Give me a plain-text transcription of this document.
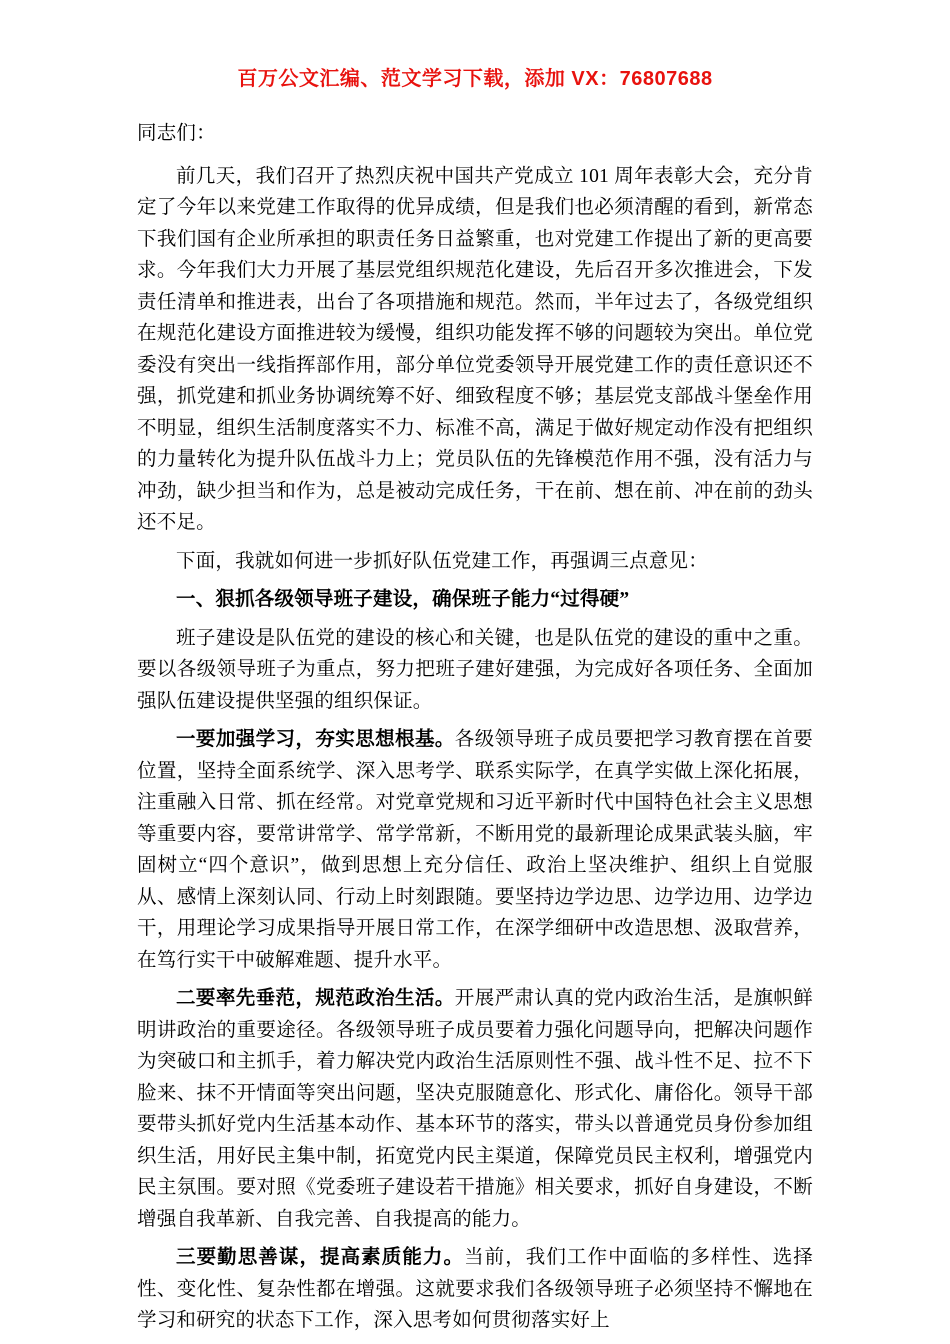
百万公文汇编、范文学习下载，添加 VX：76807688

同志们：

前几天，我们召开了热烈庆祝中国共产党成立 101 周年表彰大会，充分肯定了今年以来党建工作取得的优异成绩，但是我们也必须清醒的看到，新常态下我们国有企业所承担的职责任务日益繁重，也对党建工作提出了新的更高要求。今年我们大力开展了基层党组织规范化建设，先后召开多次推进会，下发责任清单和推进表，出台了各项措施和规范。然而，半年过去了，各级党组织在规范化建设方面推进较为缓慢，组织功能发挥不够的问题较为突出。单位党委没有突出一线指挥部作用，部分单位党委领导开展党建工作的责任意识还不强，抓党建和抓业务协调统筹不好、细致程度不够；基层党支部战斗堡垒作用不明显，组织生活制度落实不力、标准不高，满足于做好规定动作没有把组织的力量转化为提升队伍战斗力上；党员队伍的先锋模范作用不强，没有活力与冲劲，缺少担当和作为，总是被动完成任务，干在前、想在前、冲在前的劲头还不足。

下面，我就如何进一步抓好队伍党建工作，再强调三点意见：

一、狠抓各级领导班子建设，确保班子能力“过得硬”

班子建设是队伍党的建设的核心和关键，也是队伍党的建设的重中之重。要以各级领导班子为重点，努力把班子建好建强，为完成好各项任务、全面加强队伍建设提供坚强的组织保证。

一要加强学习，夯实思想根基。各级领导班子成员要把学习教育摆在首要位置，坚持全面系统学、深入思考学、联系实际学，在真学实做上深化拓展，注重融入日常、抓在经常。对党章党规和习近平新时代中国特色社会主义思想等重要内容，要常讲常学、常学常新，不断用党的最新理论成果武装头脑，牢固树立“四个意识”，做到思想上充分信任、政治上坚决维护、组织上自觉服从、感情上深刻认同、行动上时刻跟随。要坚持边学边思、边学边用、边学边干，用理论学习成果指导开展日常工作，在深学细研中改造思想、汲取营养，在笃行实干中破解难题、提升水平。

二要率先垂范，规范政治生活。开展严肃认真的党内政治生活，是旗帜鲜明讲政治的重要途径。各级领导班子成员要着力强化问题导向，把解决问题作为突破口和主抓手，着力解决党内政治生活原则性不强、战斗性不足、拉不下脸来、抹不开情面等突出问题，坚决克服随意化、形式化、庸俗化。领导干部要带头抓好党内生活基本动作、基本环节的落实，带头以普通党员身份参加组织生活，用好民主集中制，拓宽党内民主渠道，保障党员民主权利，增强党内民主氛围。要对照《党委班子建设若干措施》相关要求，抓好自身建设，不断增强自我革新、自我完善、自我提高的能力。

三要勤思善谋，提高素质能力。当前，我们工作中面临的多样性、选择性、变化性、复杂性都在增强。这就要求我们各级领导班子必须坚持不懈地在学习和研究的状态下工作，深入思考如何贯彻落实好上
